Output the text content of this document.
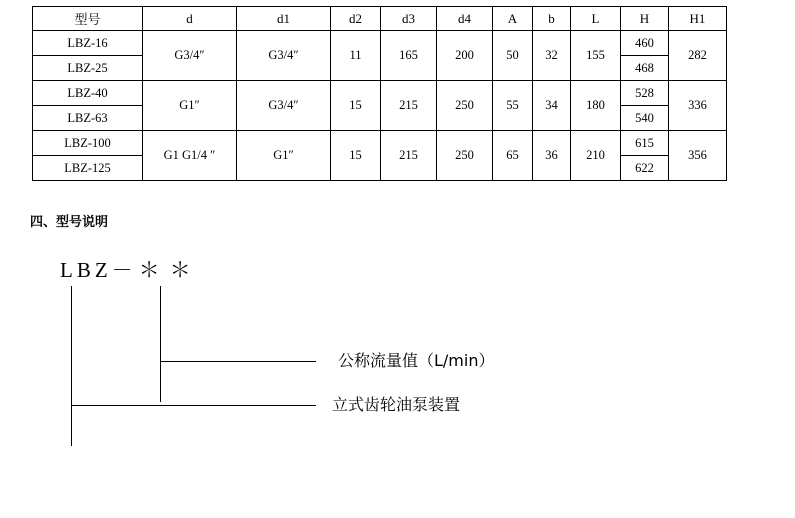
型号	d	d1	d2	d3	d4	A	b	L	H	H1
LBZ-16	G3/4″	G3/4″	11	165	200	50	32	155	460	282
LBZ-25									468	
LBZ-40	G1″	G3/4″	15	215	250	55	34	180	528	336
LBZ-63									540	
LBZ-100	G1 G1/4 ″	G1″	15	215	250	65	36	210	615	356
LBZ-125									622	
四、型号说明
LBZ－＊＊
公称流量值（L/min）
立式齿轮油泵装置
